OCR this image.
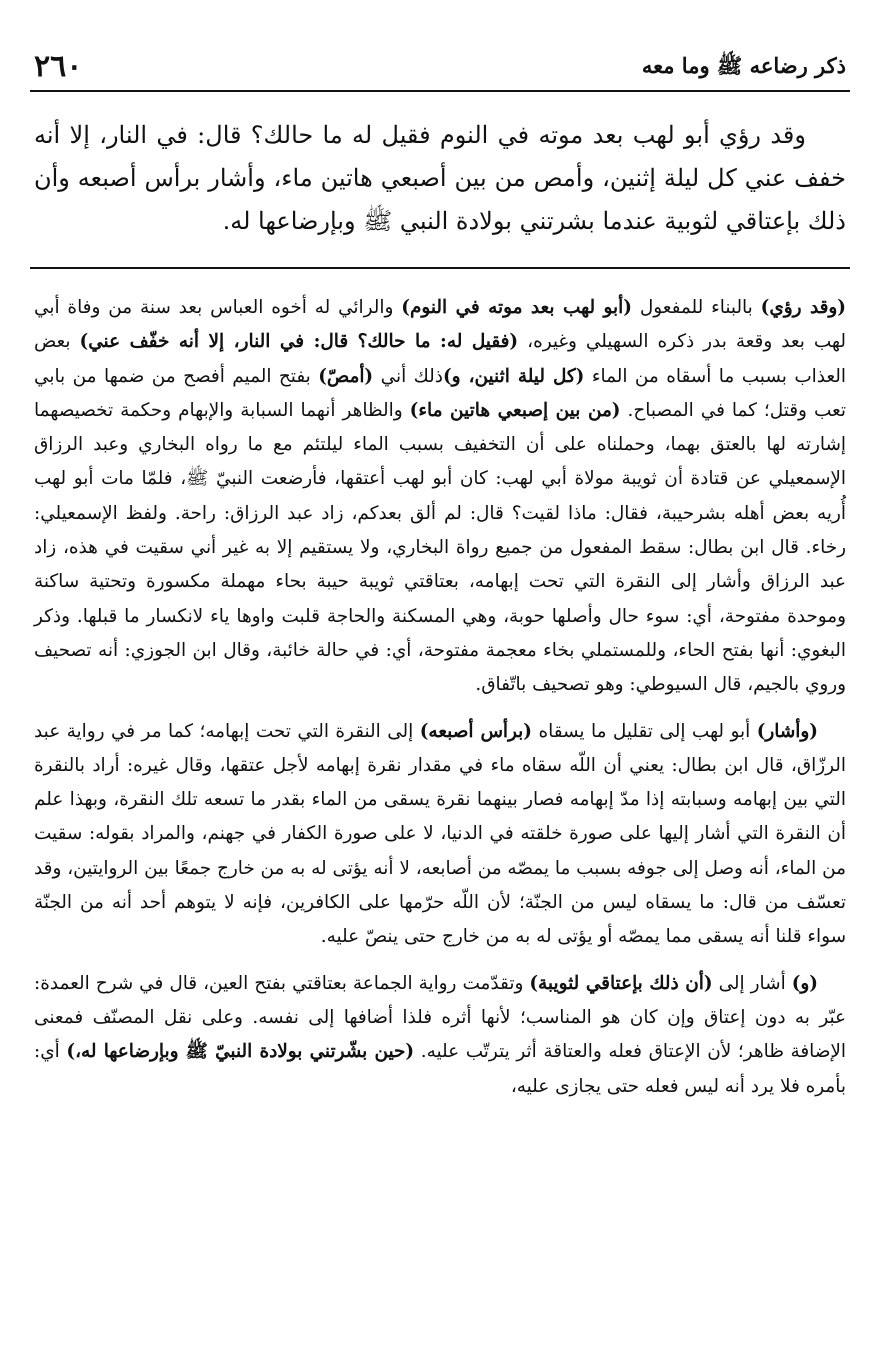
ذكر رضاعه ﷺ وما معه
٢٦٠

وقد رؤي أبو لهب بعد موته في النوم فقيل له ما حالك؟ قال: في النار، إلا أنه خفف عني كل ليلة إثنين، وأمص من بين أصبعي هاتين ماء، وأشار برأس أصبعه وأن ذلك بإعتاقي لثوبية عندما بشرتني بولادة النبي ﷺ وبإرضاعها له.

(وقد رؤي) بالبناء للمفعول (أبو لهب بعد موته في النوم) والرائي له أخوه العباس بعد سنة من وفاة أبي لهب بعد وقعة بدر ذكره السهيلي وغيره، (فقيل له: ما حالك؟ قال: في النار، إلا أنه خفّف عني) بعض العذاب بسبب ما أسقاه من الماء (كل ليلة اثنين، و)ذلك أني (أمصّ) بفتح الميم أفصح من ضمها من بابي تعب وقتل؛ كما في المصباح. (من بين إصبعي هاتين ماء) والظاهر أنهما السبابة والإبهام وحكمة تخصيصهما إشارته لها بالعتق بهما، وحملناه على أن التخفيف بسبب الماء ليلتئم مع ما رواه البخاري وعبد الرزاق الإسمعيلي عن قتادة أن ثويبة مولاة أبي لهب: كان أبو لهب أعتقها، فأرضعت النبيّ ﷺ، فلمّا مات أبو لهب أُريه بعض أهله بشرحيبة، فقال: ماذا لقيت؟ قال: لم ألق بعدكم، زاد عبد الرزاق: راحة. ولفظ الإسمعيلي: رخاء. قال ابن بطال: سقط المفعول من جميع رواة البخاري، ولا يستقيم إلا به غير أني سقيت في هذه، زاد عبد الرزاق وأشار إلى النقرة التي تحت إبهامه، بعتاقتي ثويبة حيبة بحاء مهملة مكسورة وتحتية ساكنة وموحدة مفتوحة، أي: سوء حال وأصلها حوبة، وهي المسكنة والحاجة قلبت واوها ياء لانكسار ما قبلها. وذكر البغوي: أنها بفتح الحاء، وللمستملي بخاء معجمة مفتوحة، أي: في حالة خائبة، وقال ابن الجوزي: أنه تصحيف وروي بالجيم، قال السيوطي: وهو تصحيف باتّفاق.

(وأشار) أبو لهب إلى تقليل ما يسقاه (برأس أصبعه) إلى النقرة التي تحت إبهامه؛ كما مر في رواية عبد الرزّاق، قال ابن بطال: يعني أن اللّه سقاه ماء في مقدار نقرة إبهامه لأجل عتقها، وقال غيره: أراد بالنقرة التي بين إبهامه وسبابته إذا مدّ إبهامه فصار بينهما نقرة يسقى من الماء بقدر ما تسعه تلك النقرة، وبهذا علم أن النقرة التي أشار إليها على صورة خلقته في الدنيا، لا على صورة الكفار في جهنم، والمراد بقوله: سقيت من الماء، أنه وصل إلى جوفه بسبب ما يمصّه من أصابعه، لا أنه يؤتى له به من خارج جمعًا بين الروايتين، وقد تعسّف من قال: ما يسقاه ليس من الجنّة؛ لأن اللّه حرّمها على الكافرين، فإنه لا يتوهم أحد أنه من الجنّة سواء قلنا أنه يسقى مما يمصّه أو يؤتى له به من خارج حتى ينصّ عليه.

(و) أشار إلى (أن ذلك بإعتاقي لثويبة) وتقدّمت رواية الجماعة بعتاقتي بفتح العين، قال في شرح العمدة: عبّر به دون إعتاق وإن كان هو المناسب؛ لأنها أثره فلذا أضافها إلى نفسه. وعلى نقل المصنّف فمعنى الإضافة ظاهر؛ لأن الإعتاق فعله والعتاقة أثر يترتّب عليه. (حين بشّرتني بولادة النبيّ ﷺ وبإرضاعها له،) أي: بأمره فلا يرد أنه ليس فعله حتى يجازى عليه،
